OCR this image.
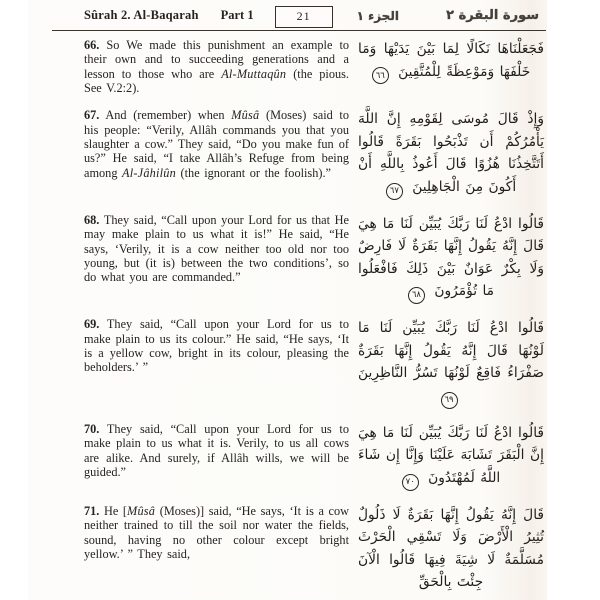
Sûrah 2. Al-Baqarah Part 1	21	الجزء ١	سورة البقرة ٢

66. So We made this punishment an example to their own and to succeeding generations and a lesson to those who are Al-Muttaqûn (the pious. See V.2:2).

فَجَعَلْنَاهَا نَكَالًا لِمَا بَيْنَ يَدَيْهَا وَمَا خَلْفَهَا وَمَوْعِظَةً لِلْمُتَّقِينَ ٦٦

67. And (remember) when Mûsâ (Moses) said to his people: “Verily, Allâh commands you that you slaughter a cow.” They said, “Do you make fun of us?” He said, “I take Allâh’s Refuge from being among Al-Jâhilûn (the ignorant or the foolish).”

وَإِذْ قَالَ مُوسَى لِقَوْمِهِ إِنَّ اللَّهَ يَأْمُرُكُمْ أَن تَذْبَحُوا بَقَرَةً قَالُوا أَتَتَّخِذُنَا هُزُوًا قَالَ أَعُوذُ بِاللَّهِ أَنْ أَكُونَ مِنَ الْجَاهِلِينَ ٦٧

68. They said, “Call upon your Lord for us that He may make plain to us what it is!” He said, “He says, ‘Verily, it is a cow neither too old nor too young, but (it is) between the two conditions’, so do what you are commanded.”

قَالُوا ادْعُ لَنَا رَبَّكَ يُبَيِّن لَنَا مَا هِيَ قَالَ إِنَّهُ يَقُولُ إِنَّهَا بَقَرَةٌ لَا فَارِضٌ وَلَا بِكْرٌ عَوَانٌ بَيْنَ ذَلِكَ فَافْعَلُوا مَا تُؤْمَرُونَ ٦٨

69. They said, “Call upon your Lord for us to make plain to us its colour.” He said, “He says, ‘It is a yellow cow, bright in its colour, pleasing the beholders.’ ”

قَالُوا ادْعُ لَنَا رَبَّكَ يُبَيِّن لَنَا مَا لَوْنُهَا قَالَ إِنَّهُ يَقُولُ إِنَّهَا بَقَرَةٌ صَفْرَاءُ فَاقِعٌ لَوْنُهَا تَسُرُّ النَّاظِرِينَ ٦٩

70. They said, “Call upon your Lord for us to make plain to us what it is. Verily, to us all cows are alike. And surely, if Allâh wills, we will be guided.”

قَالُوا ادْعُ لَنَا رَبَّكَ يُبَيِّن لَنَا مَا هِيَ إِنَّ الْبَقَرَ تَشَابَهَ عَلَيْنَا وَإِنَّا إِن شَاءَ اللَّهُ لَمُهْتَدُونَ ٧٠

71. He [Mûsâ (Moses)] said, “He says, ‘It is a cow neither trained to till the soil nor water the fields, sound, having no other colour except bright yellow.’ ” They said,

قَالَ إِنَّهُ يَقُولُ إِنَّهَا بَقَرَةٌ لَا ذَلُولٌ تُثِيرُ الْأَرْضَ وَلَا تَسْقِي الْحَرْثَ مُسَلَّمَةٌ لَا شِيَةَ فِيهَا قَالُوا الْآنَ جِئْتَ بِالْحَقِّ
